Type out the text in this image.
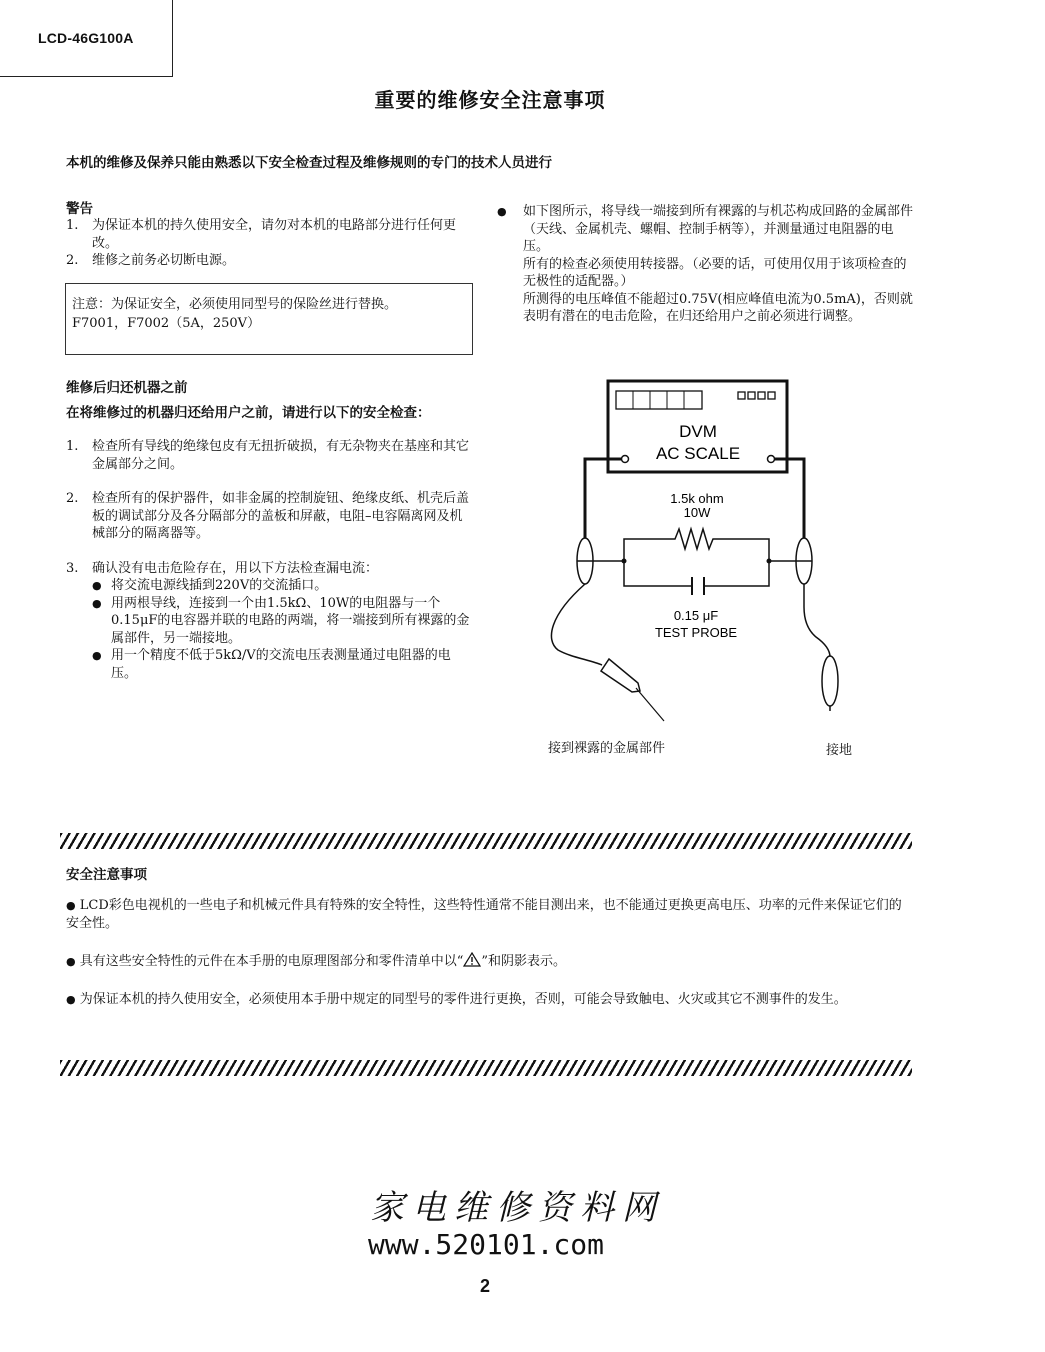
LCD-46G100A
重要的维修安全注意事项
本机的维修及保养只能由熟悉以下安全检查过程及维修规则的专门的技术人员进行
警告
1. 为保证本机的持久使用安全，请勿对本机的电路部分进行任何更改。
2. 维修之前务必切断电源。
注意：为保证安全，必须使用同型号的保险丝进行替换。
F7001，F7002（5A，250V）
维修后归还机器之前
在将维修过的机器归还给用户之前，请进行以下的安全检查：
1. 检查所有导线的绝缘包皮有无扭折破损，有无杂物夹在基座和其它金属部分之间。
2. 检查所有的保护器件，如非金属的控制旋钮、绝缘皮纸、机壳后盖板的调试部分及各分隔部分的盖板和屏蔽，电阻–电容隔离网及机械部分的隔离器等。
3. 确认没有电击危险存在，用以下方法检查漏电流：
● 将交流电源线插到220V的交流插口。
● 用两根导线，连接到一个由1.5kΩ、10W的电阻器与一个0.15μF的电容器并联的电路的两端，将一端接到所有裸露的金属部件，另一端接地。
● 用一个精度不低于5kΩ/V的交流电压表测量通过电阻器的电压。
● 如下图所示，将导线一端接到所有裸露的与机芯构成回路的金属部件（天线、金属机壳、螺帽、控制手柄等），并测量通过电阻器的电压。
所有的检查必须使用转接器。（必要的话，可使用仅用于该项检查的无极性的适配器。）
所测得的电压峰值不能超过0.75V(相应峰值电流为0.5mA)，否则就表明有潜在的电击危险，在归还给用户之前必须进行调整。
DVM
AC SCALE
1.5k ohm
10W
0.15 μF
TEST PROBE
接到裸露的金属部件	接地
安全注意事项
● LCD彩色电视机的一些电子和机械元件具有特殊的安全特性，这些特性通常不能目测出来，也不能通过更换更高电压、功率的元件来保证它们的安全性。
● 具有这些安全特性的元件在本手册的电原理图部分和零件清单中以“ ”和阴影表示。
● 为保证本机的持久使用安全，必须使用本手册中规定的同型号的零件进行更换，否则，可能会导致触电、火灾或其它不测事件的发生。
家电维修资料网
www.520101.com
2
